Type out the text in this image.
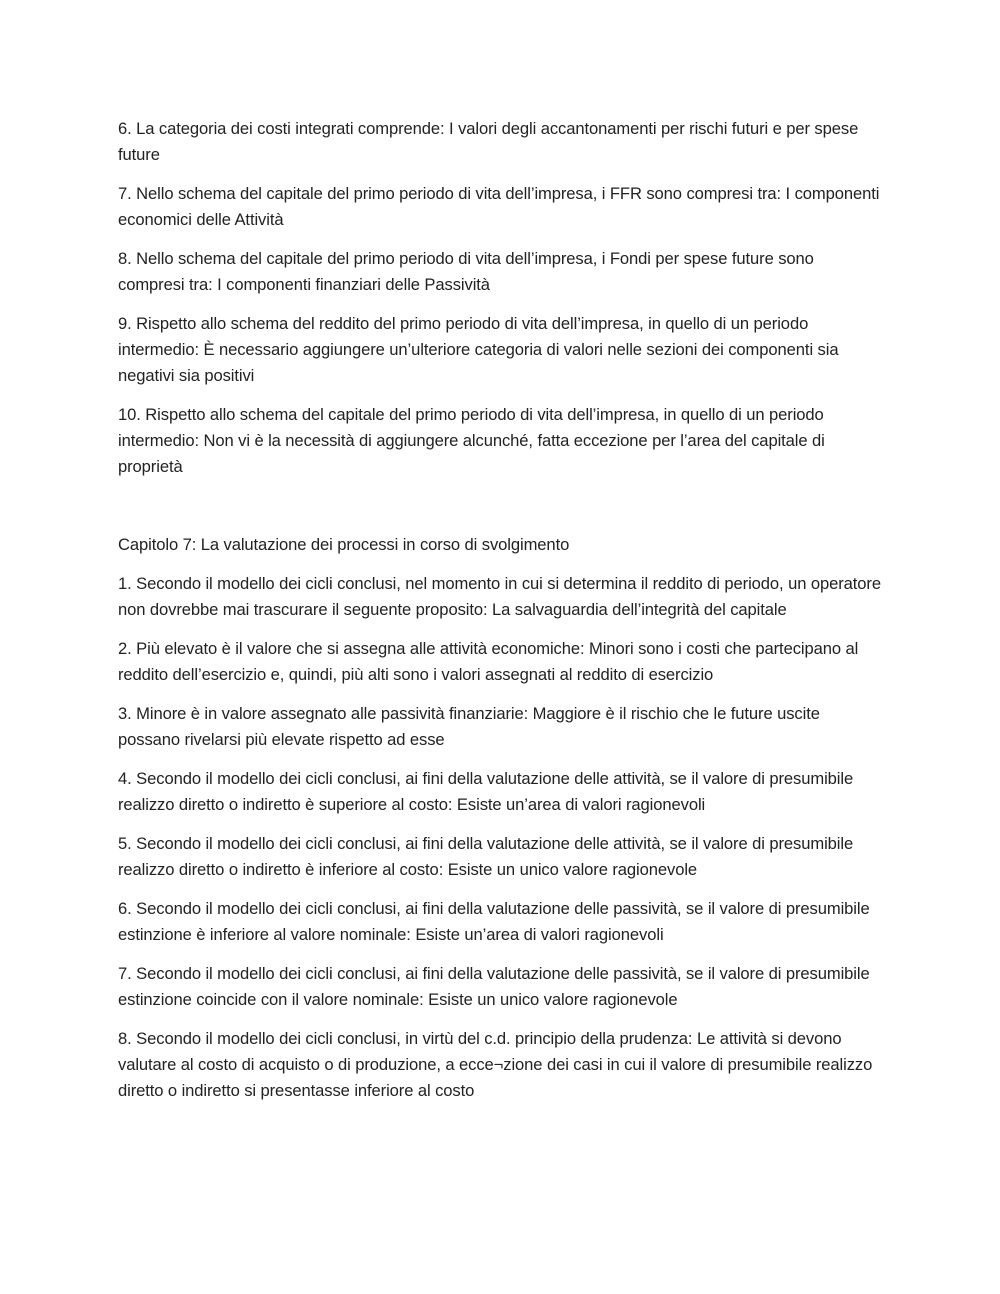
6. La categoria dei costi integrati comprende: I valori degli accantonamenti per rischi futuri e per spese future

7. Nello schema del capitale del primo periodo di vita dell’impresa, i FFR sono compresi tra: I componenti economici delle Attività

8. Nello schema del capitale del primo periodo di vita dell’impresa, i Fondi per spese future sono compresi tra: I componenti finanziari delle Passività

9. Rispetto allo schema del reddito del primo periodo di vita dell’impresa, in quello di un periodo intermedio: È necessario aggiungere un’ulteriore categoria di valori nelle sezioni dei componenti sia negativi sia positivi

10. Rispetto allo schema del capitale del primo periodo di vita dell’impresa, in quello di un periodo intermedio: Non vi è la necessità di aggiungere alcunché, fatta eccezione per l’area del capitale di proprietà

Capitolo 7: La valutazione dei processi in corso di svolgimento

1. Secondo il modello dei cicli conclusi, nel momento in cui si determina il reddito di periodo, un operatore non dovrebbe mai trascurare il seguente proposito: La salvaguardia dell’integrità del capitale

2. Più elevato è il valore che si assegna alle attività economiche: Minori sono i costi che partecipano al reddito dell’esercizio e, quindi, più alti sono i valori assegnati al reddito di esercizio

3. Minore è in valore assegnato alle passività finanziarie: Maggiore è il rischio che le future uscite possano rivelarsi più elevate rispetto ad esse

4. Secondo il modello dei cicli conclusi, ai fini della valutazione delle attività, se il valore di presumibile realizzo diretto o indiretto è superiore al costo: Esiste un’area di valori ragionevoli

5. Secondo il modello dei cicli conclusi, ai fini della valutazione delle attività, se il valore di presumibile realizzo diretto o indiretto è inferiore al costo: Esiste un unico valore ragionevole

6. Secondo il modello dei cicli conclusi, ai fini della valutazione delle passività, se il valore di presumibile estinzione è inferiore al valore nominale: Esiste un’area di valori ragionevoli

7. Secondo il modello dei cicli conclusi, ai fini della valutazione delle passività, se il valore di presumibile estinzione coincide con il valore nominale: Esiste un unico valore ragionevole

8. Secondo il modello dei cicli conclusi, in virtù del c.d. principio della prudenza: Le attività si devono valutare al costo di acquisto o di produzione, a ecce¬zione dei casi in cui il valore di presumibile realizzo diretto o indiretto si presentasse inferiore al costo
